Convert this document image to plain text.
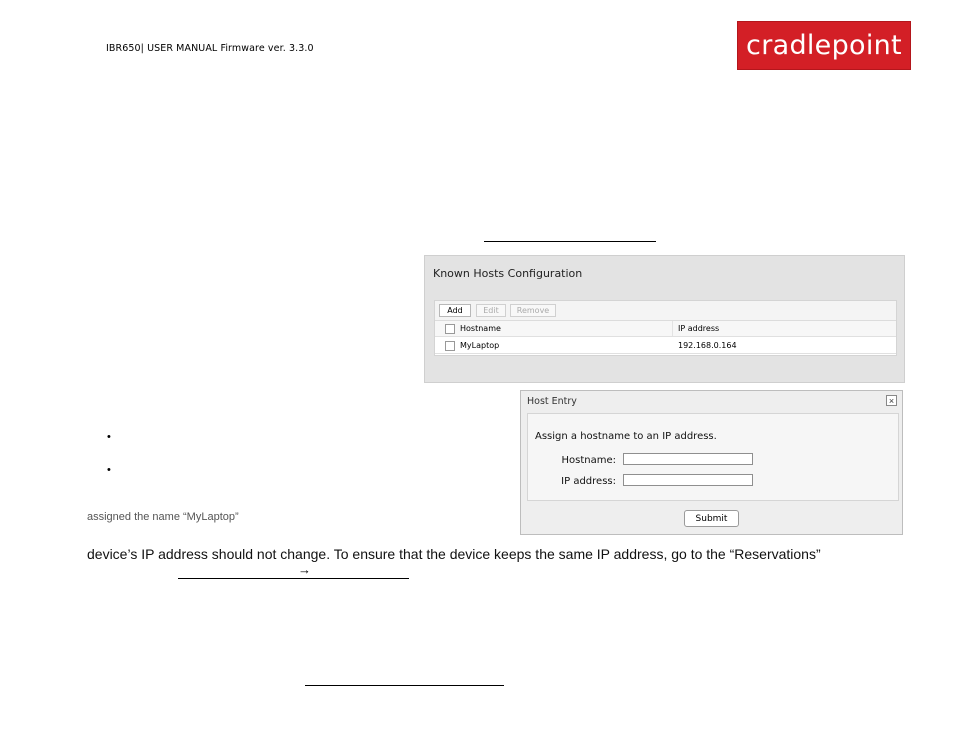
IBR650| USER MANUAL Firmware ver. 3.3.0	cradlepoint
Known Hosts Configuration
Add	Edit	Remove
Hostname	IP address
MyLaptop	192.168.0.164
Host Entry	×
Assign a hostname to an IP address.
Hostname:
IP address:
Submit
•
•
assigned the name “MyLaptop”
device’s IP address should not change. To ensure that the device keeps the same IP address, go to the “Reservations”
→
